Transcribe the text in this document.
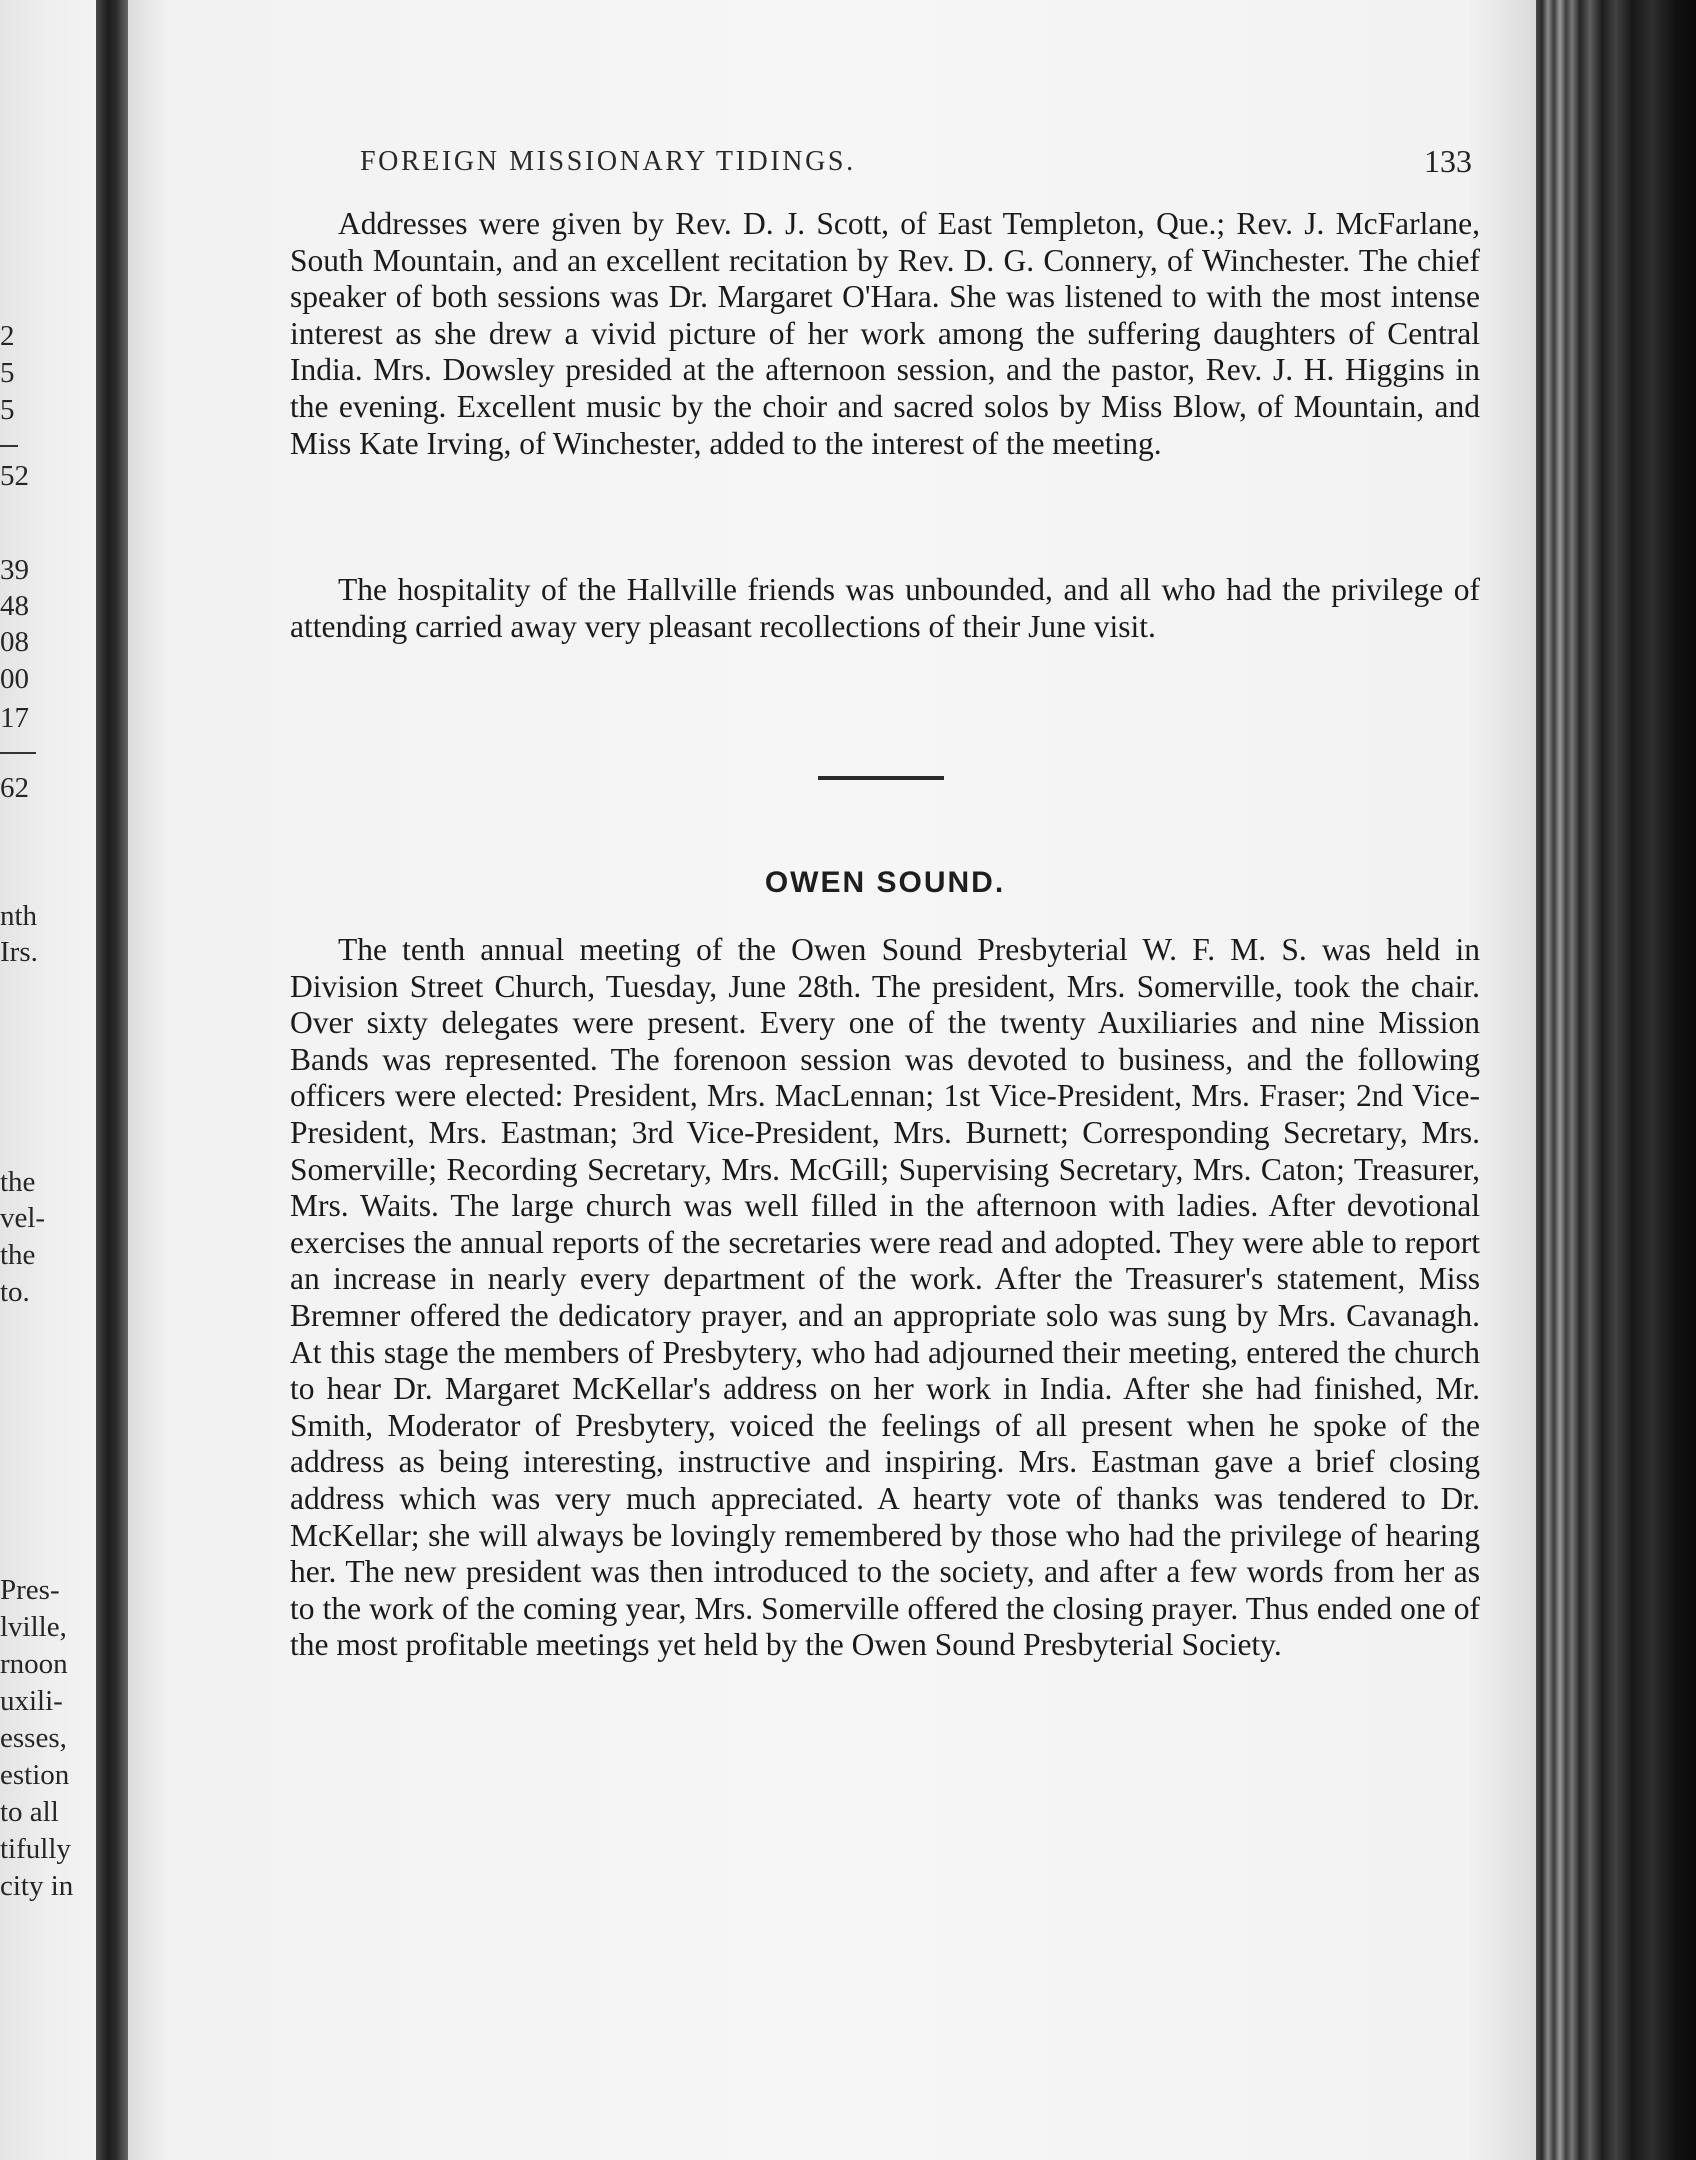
2

5

5

52

39

48

08

00

17

62

nth

Irs.

the

vel-

the

to.

Pres-

lville,

rnoon

uxili-

esses,

estion

to all

tifully

city in

FOREIGN MISSIONARY TIDINGS.	133

Addresses were given by Rev. D. J. Scott, of East Templeton, Que.; Rev. J. McFarlane, South Mountain, and an excellent recitation by Rev. D. G. Connery, of Winchester. The chief speaker of both sessions was Dr. Margaret O'Hara. She was listened to with the most intense interest as she drew a vivid picture of her work among the suffering daughters of Central India. Mrs. Dowsley presided at the afternoon session, and the pastor, Rev. J. H. Higgins in the evening. Excellent music by the choir and sacred solos by Miss Blow, of Mountain, and Miss Kate Irving, of Winchester, added to the interest of the meeting.

The hospitality of the Hallville friends was unbounded, and all who had the privilege of attending carried away very pleasant recollections of their June visit.

OWEN SOUND.

The tenth annual meeting of the Owen Sound Presbyterial W. F. M. S. was held in Division Street Church, Tuesday, June 28th. The president, Mrs. Somerville, took the chair. Over sixty delegates were present. Every one of the twenty Auxiliaries and nine Mission Bands was represented. The forenoon session was devoted to business, and the following officers were elected: President, Mrs. MacLennan; 1st Vice-President, Mrs. Fraser; 2nd Vice-President, Mrs. Eastman; 3rd Vice-President, Mrs. Burnett; Corresponding Secretary, Mrs. Somerville; Recording Secretary, Mrs. McGill; Supervising Secretary, Mrs. Caton; Treasurer, Mrs. Waits. The large church was well filled in the afternoon with ladies. After devotional exercises the annual reports of the secretaries were read and adopted. They were able to report an increase in nearly every department of the work. After the Treasurer's statement, Miss Bremner offered the dedicatory prayer, and an appropriate solo was sung by Mrs. Cavanagh. At this stage the members of Presbytery, who had adjourned their meeting, entered the church to hear Dr. Margaret McKellar's address on her work in India. After she had finished, Mr. Smith, Moderator of Presbytery, voiced the feelings of all present when he spoke of the address as being interesting, instructive and inspiring. Mrs. Eastman gave a brief closing address which was very much appreciated. A hearty vote of thanks was tendered to Dr. McKellar; she will always be lovingly remembered by those who had the privilege of hearing her. The new president was then introduced to the society, and after a few words from her as to the work of the coming year, Mrs. Somerville offered the closing prayer. Thus ended one of the most profitable meetings yet held by the Owen Sound Presbyterial Society.
